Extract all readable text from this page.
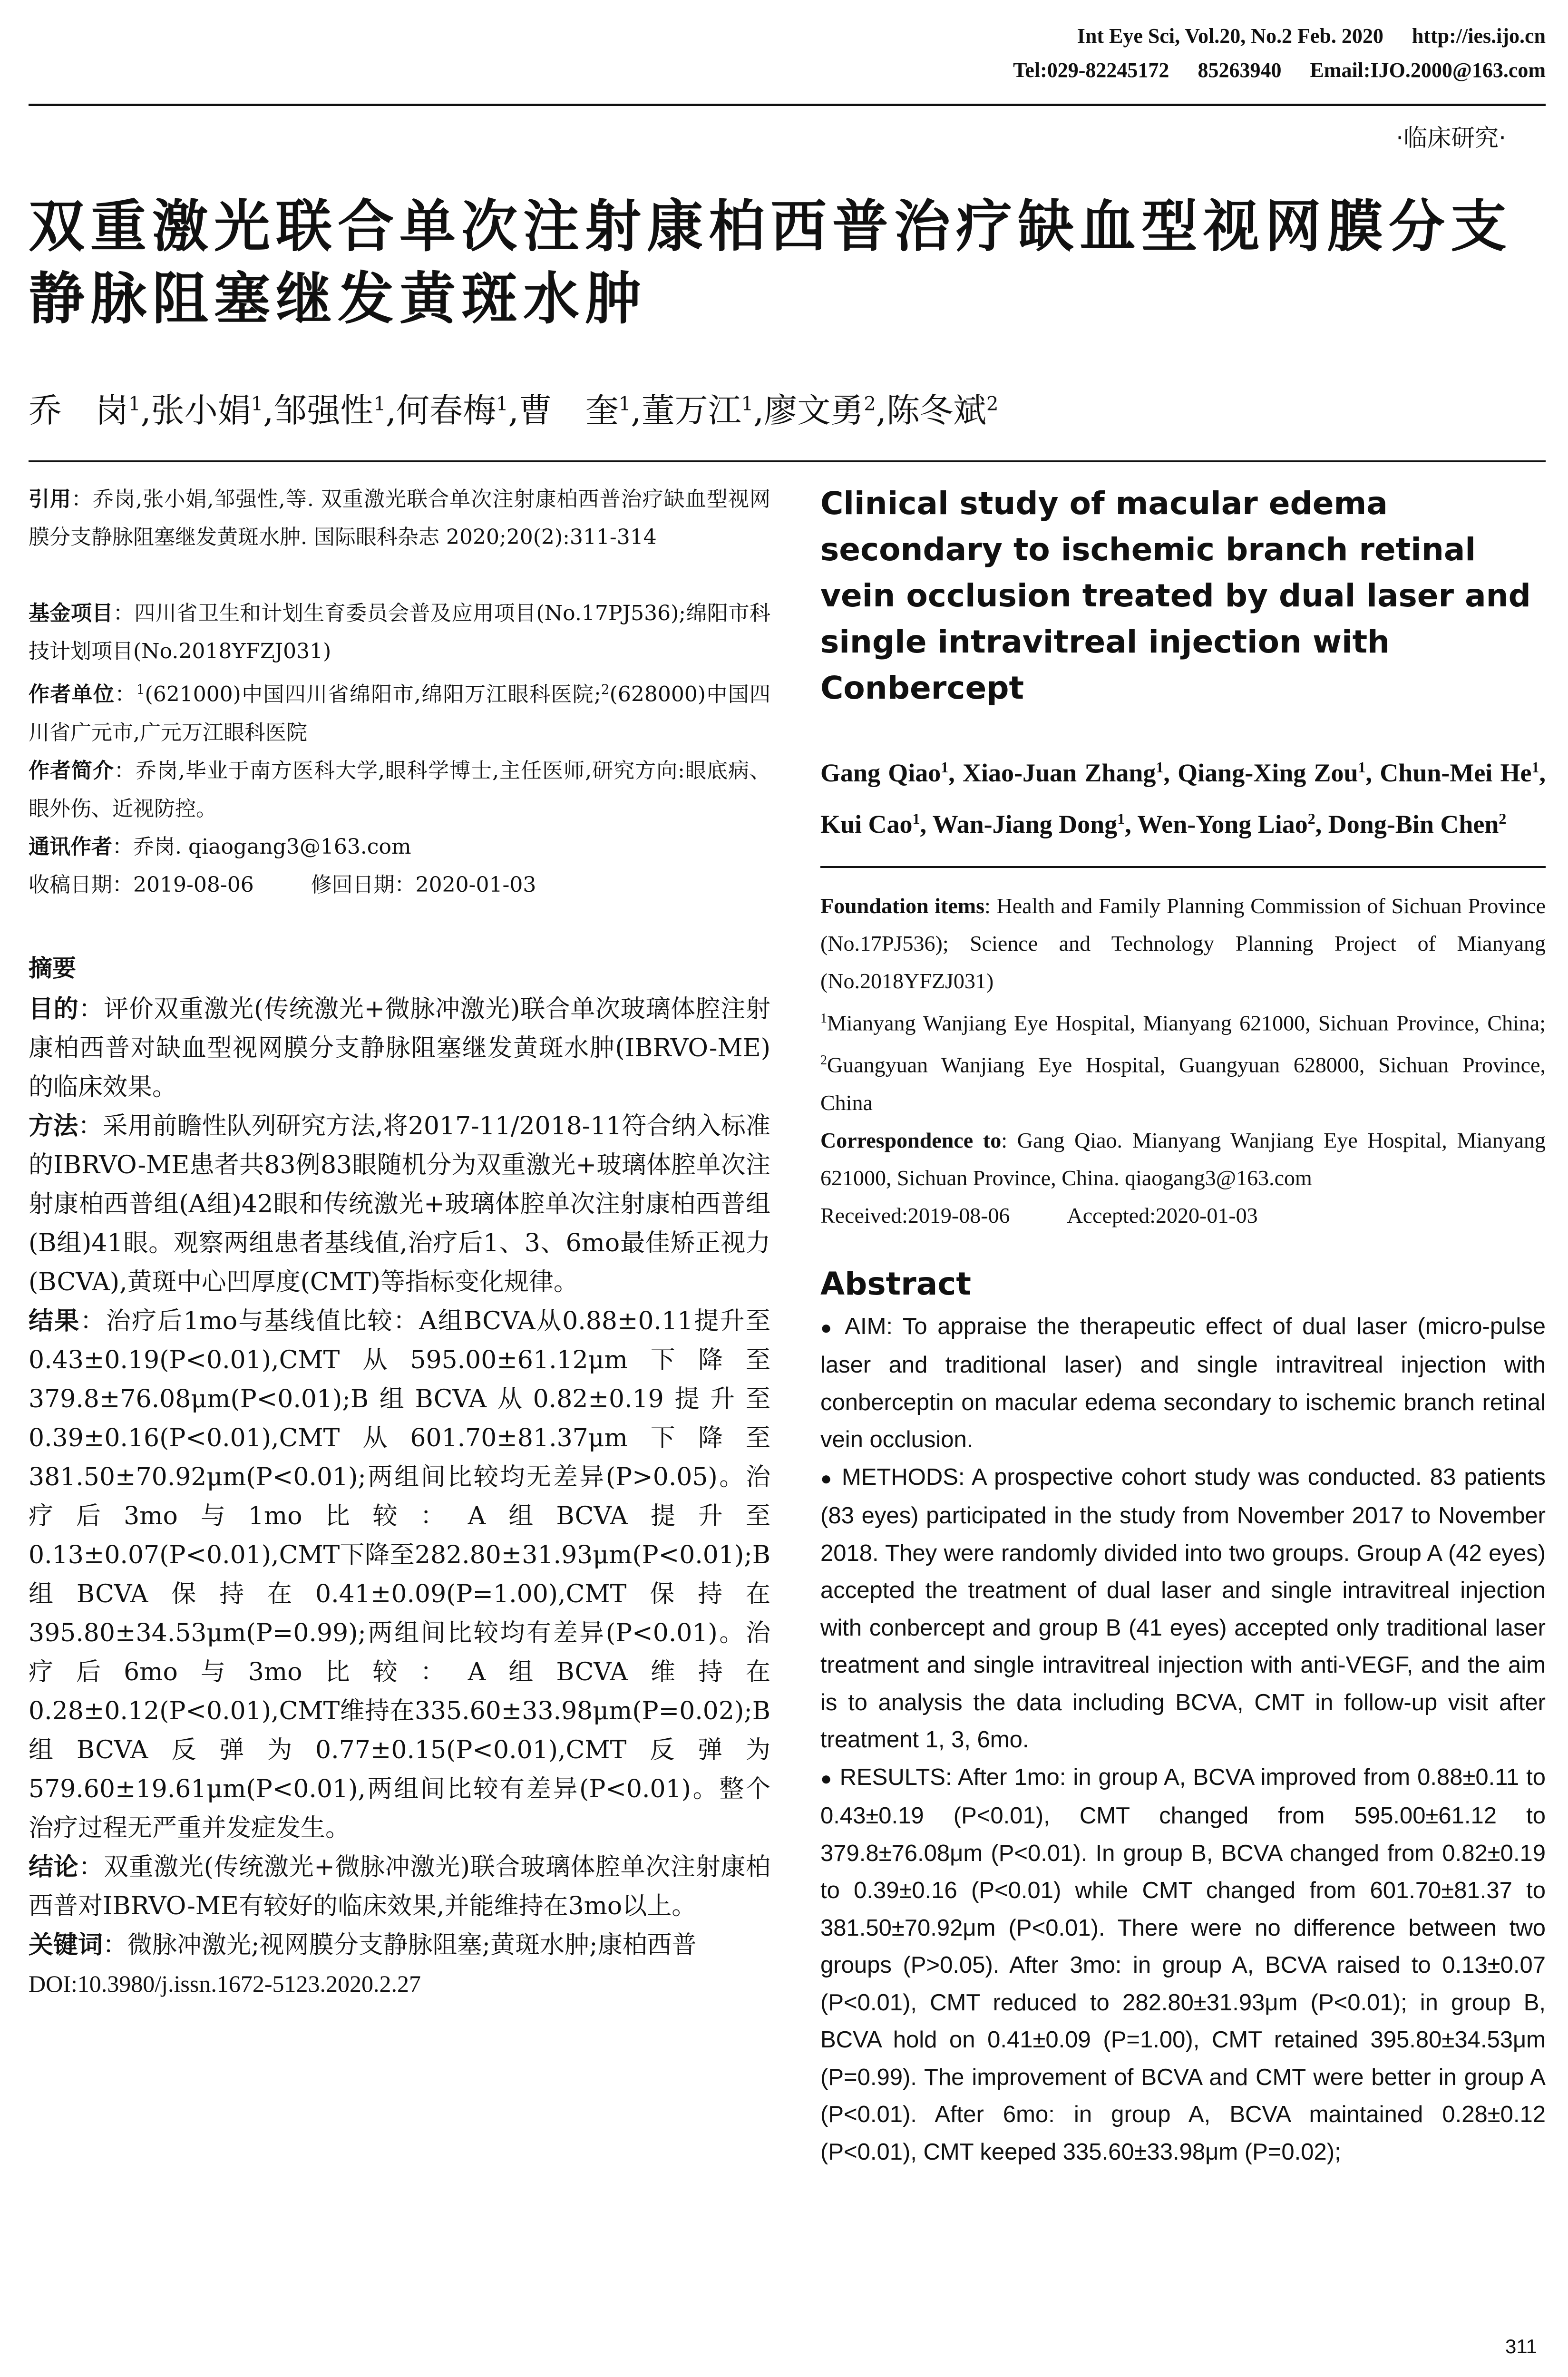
Int Eye Sci, Vol.20, No.2 Feb. 2020 http://ies.ijo.cn
Tel:029-82245172 85263940 Email:IJO.2000@163.com
·临床研究·
双重激光联合单次注射康柏西普治疗缺血型视网膜分支静脉阻塞继发黄斑水肿
乔　岗$^1$,张小娟$^1$,邹强性$^1$,何春梅$^1$,曹　奎$^1$,董万江$^1$,廖文勇$^2$,陈冬斌$^2$

引用：乔岗,张小娟,邹强性,等. 双重激光联合单次注射康柏西普治疗缺血型视网膜分支静脉阻塞继发黄斑水肿. 国际眼科杂志 2020;20(2):311-314

基金项目：四川省卫生和计划生育委员会普及应用项目(No.17PJ536);绵阳市科技计划项目(No.2018YFZJ031)

作者单位：$^1$(621000)中国四川省绵阳市,绵阳万江眼科医院;$^2$(628000)中国四川省广元市,广元万江眼科医院

作者简介：乔岗,毕业于南方医科大学,眼科学博士,主任医师,研究方向:眼底病、眼外伤、近视防控。

通讯作者：乔岗. qiaogang3@163.com

收稿日期：2019-08-06	修回日期：2020-01-03

摘要

目的：评价双重激光(传统激光+微脉冲激光)联合单次玻璃体腔注射康柏西普对缺血型视网膜分支静脉阻塞继发黄斑水肿(IBRVO-ME)的临床效果。

方法：采用前瞻性队列研究方法,将2017-11/2018-11符合纳入标准的IBRVO-ME患者共83例83眼随机分为双重激光+玻璃体腔单次注射康柏西普组(A组)42眼和传统激光+玻璃体腔单次注射康柏西普组(B组)41眼。观察两组患者基线值,治疗后1、3、6mo最佳矫正视力(BCVA),黄斑中心凹厚度(CMT)等指标变化规律。

结果：治疗后1mo与基线值比较：A组BCVA从0.88±0.11提升至0.43±0.19(P<0.01),CMT从595.00±61.12μm下降至379.8±76.08μm(P<0.01);B组BCVA从0.82±0.19提升至0.39±0.16(P<0.01),CMT从601.70±81.37μm下降至381.50±70.92μm(P<0.01);两组间比较均无差异(P>0.05)。治疗后3mo与1mo比较：A组BCVA提升至0.13±0.07(P<0.01),CMT下降至282.80±31.93μm(P<0.01);B组BCVA保持在0.41±0.09(P=1.00),CMT保持在395.80±34.53μm(P=0.99);两组间比较均有差异(P<0.01)。治疗后6mo与3mo比较：A组BCVA维持在0.28±0.12(P<0.01),CMT维持在335.60±33.98μm(P=0.02);B组BCVA反弹为0.77±0.15(P<0.01),CMT反弹为579.60±19.61μm(P<0.01),两组间比较有差异(P<0.01)。整个治疗过程无严重并发症发生。

结论：双重激光(传统激光+微脉冲激光)联合玻璃体腔单次注射康柏西普对IBRVO-ME有较好的临床效果,并能维持在3mo以上。

关键词：微脉冲激光;视网膜分支静脉阻塞;黄斑水肿;康柏西普

DOI:10.3980/j.issn.1672-5123.2020.2.27

Clinical study of macular edema secondary to ischemic branch retinal vein occlusion treated by dual laser and single intravitreal injection with Conbercept

Gang Qiao$^1$, Xiao-Juan Zhang$^1$, Qiang-Xing Zou$^1$, Chun-Mei He$^1$, Kui Cao$^1$, Wan-Jiang Dong$^1$, Wen-Yong Liao$^2$, Dong-Bin Chen$^2$

Foundation items: Health and Family Planning Commission of Sichuan Province (No.17PJ536); Science and Technology Planning Project of Mianyang (No.2018YFZJ031)

$^1$Mianyang Wanjiang Eye Hospital, Mianyang 621000, Sichuan Province, China; $^2$Guangyuan Wanjiang Eye Hospital, Guangyuan 628000, Sichuan Province, China

Correspondence to: Gang Qiao. Mianyang Wanjiang Eye Hospital, Mianyang 621000, Sichuan Province, China. qiaogang3@163.com

Received:2019-08-06	Accepted:2020-01-03

Abstract

● AIM: To appraise the therapeutic effect of dual laser (micro-pulse laser and traditional laser) and single intravitreal injection with conberceptin on macular edema secondary to ischemic branch retinal vein occlusion.

● METHODS: A prospective cohort study was conducted. 83 patients (83 eyes) participated in the study from November 2017 to November 2018. They were randomly divided into two groups. Group A (42 eyes) accepted the treatment of dual laser and single intravitreal injection with conbercept and group B (41 eyes) accepted only traditional laser treatment and single intravitreal injection with anti-VEGF, and the aim is to analysis the data including BCVA, CMT in follow-up visit after treatment 1, 3, 6mo.

● RESULTS: After 1mo: in group A, BCVA improved from 0.88±0.11 to 0.43±0.19 (P<0.01), CMT changed from 595.00±61.12 to 379.8±76.08μm (P<0.01). In group B, BCVA changed from 0.82±0.19 to 0.39±0.16 (P<0.01) while CMT changed from 601.70±81.37 to 381.50±70.92μm (P<0.01). There were no difference between two groups (P>0.05). After 3mo: in group A, BCVA raised to 0.13±0.07 (P<0.01), CMT reduced to 282.80±31.93μm (P<0.01); in group B, BCVA hold on 0.41±0.09 (P=1.00), CMT retained 395.80±34.53μm (P=0.99). The improvement of BCVA and CMT were better in group A (P<0.01). After 6mo: in group A, BCVA maintained 0.28±0.12 (P<0.01), CMT keeped 335.60±33.98μm (P=0.02);

311
